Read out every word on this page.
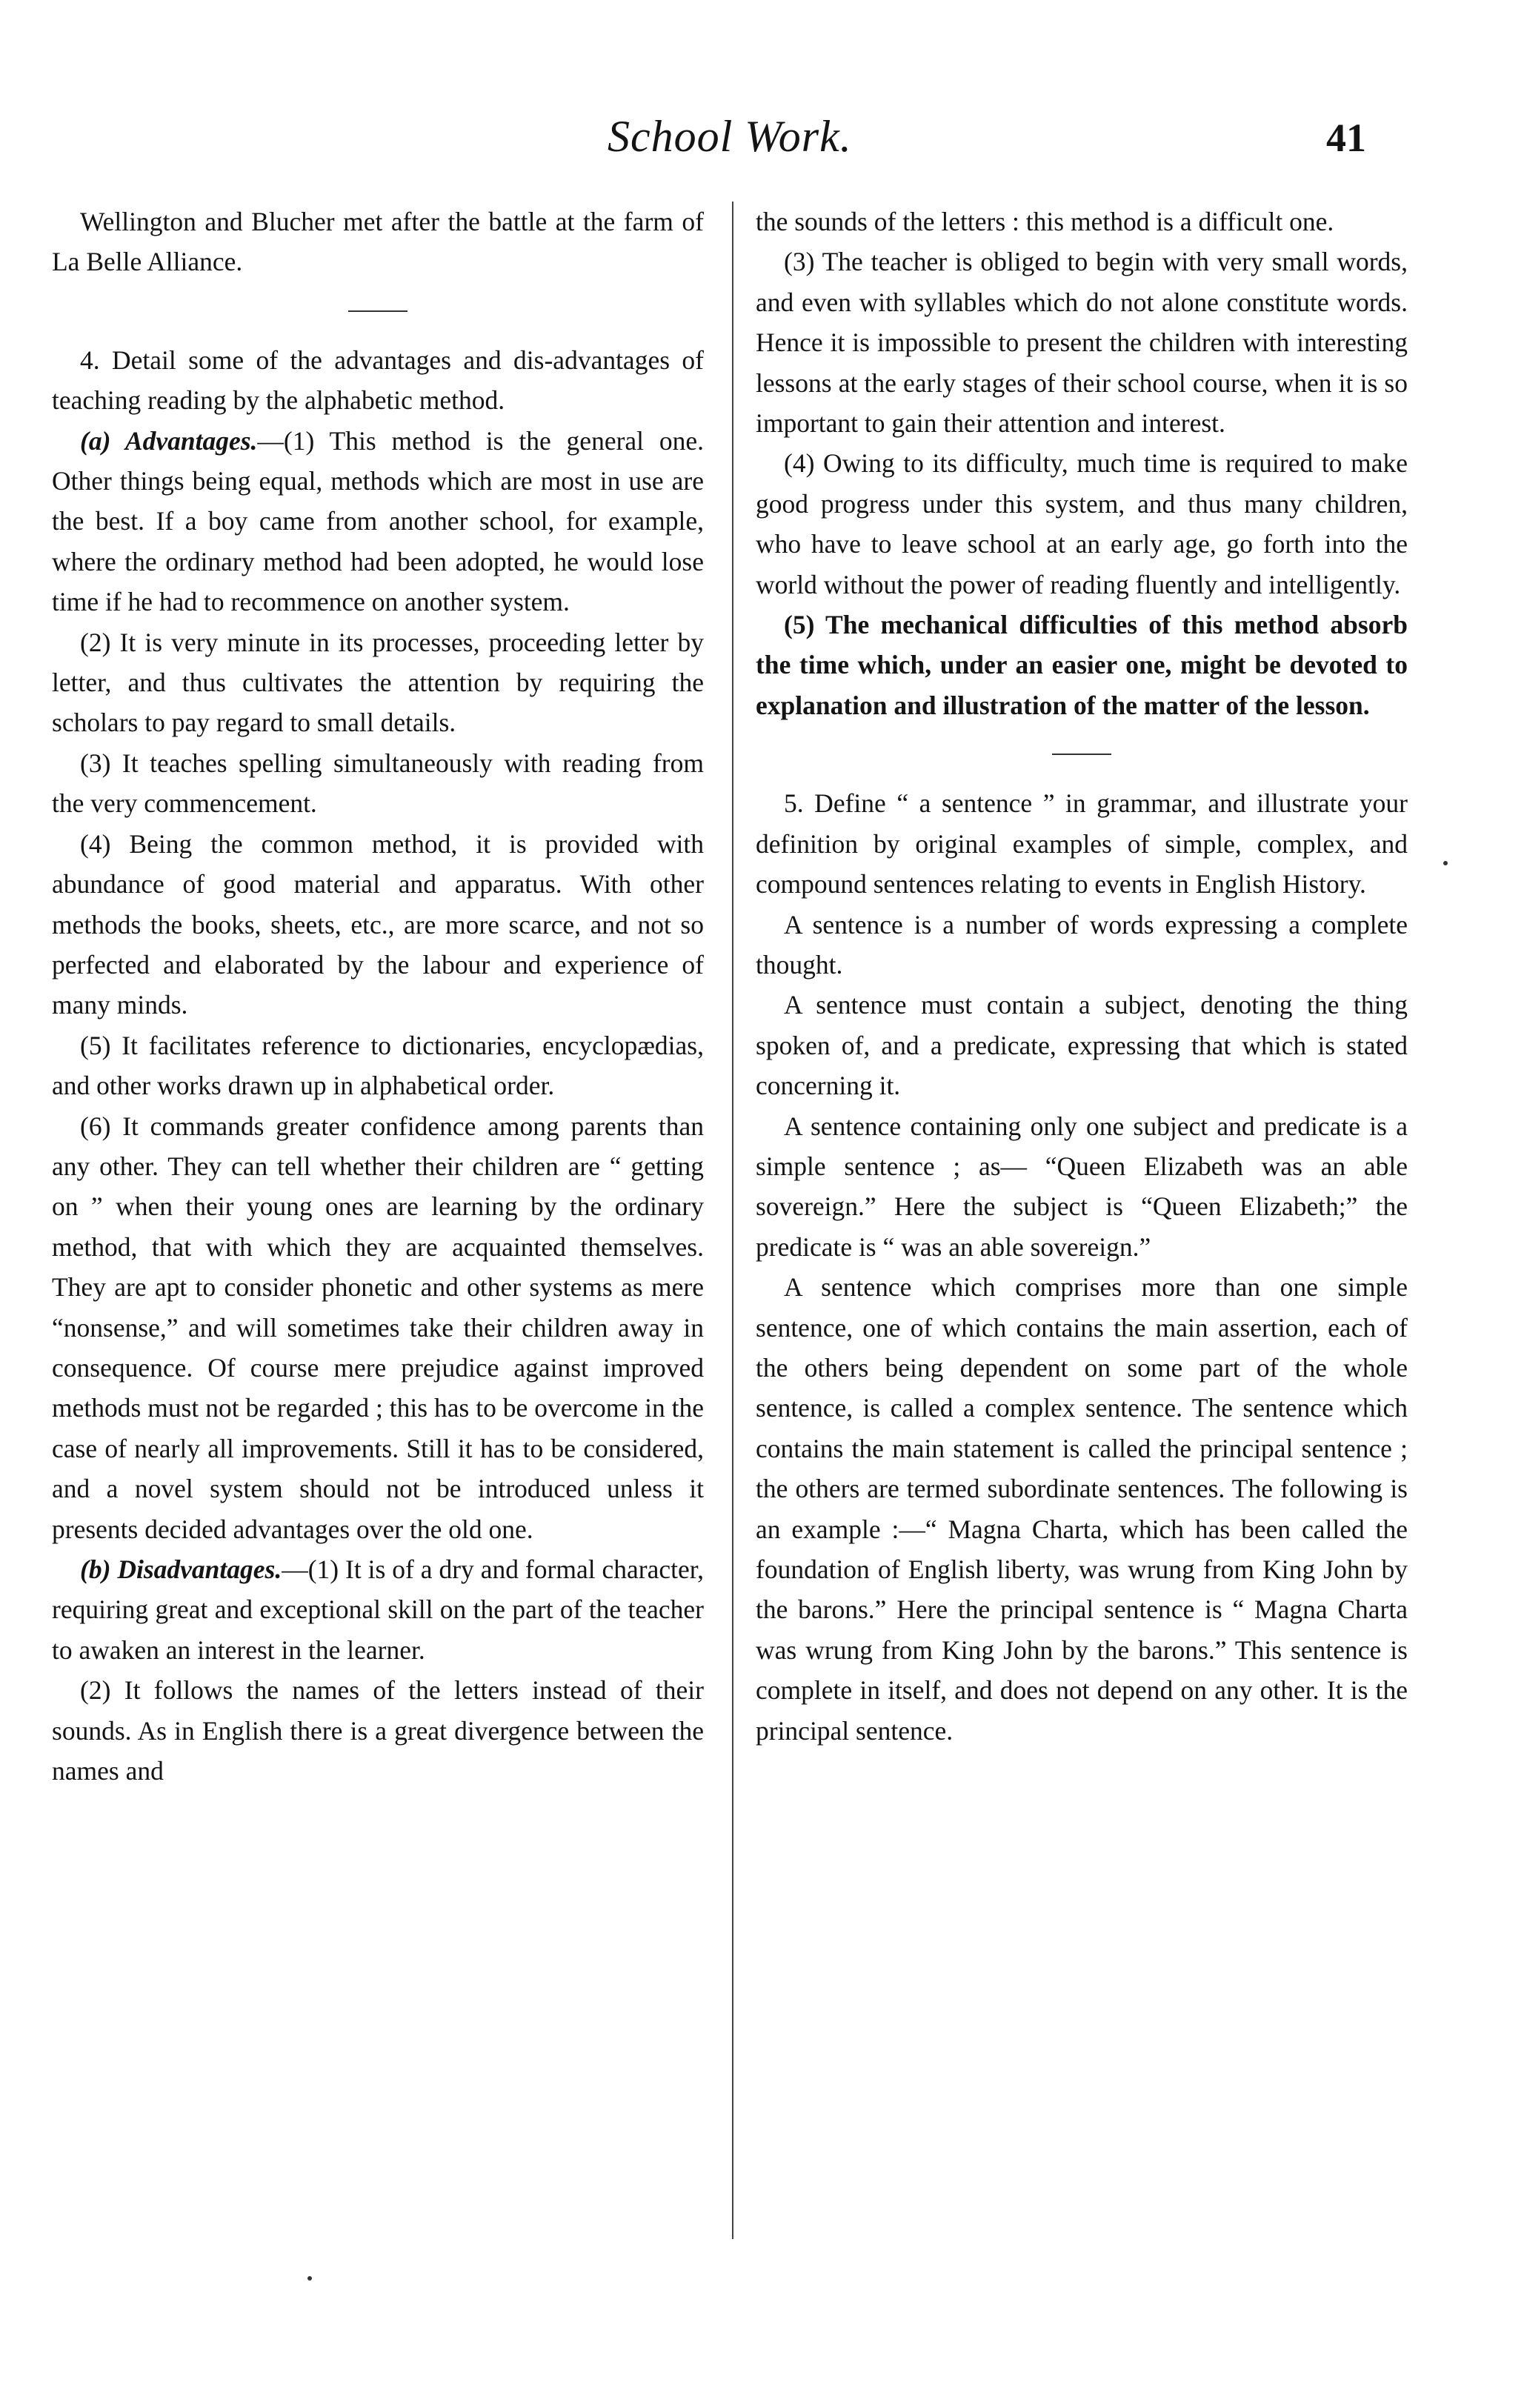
School Work.	41

Wellington and Blucher met after the battle at the farm of La Belle Alliance.

4. Detail some of the advantages and dis-advantages of teaching reading by the alphabetic method.

(a) Advantages.—(1) This method is the general one. Other things being equal, methods which are most in use are the best. If a boy came from another school, for example, where the ordinary method had been adopted, he would lose time if he had to recommence on another system.

(2) It is very minute in its processes, proceeding letter by letter, and thus cultivates the attention by requiring the scholars to pay regard to small details.

(3) It teaches spelling simultaneously with reading from the very commencement.

(4) Being the common method, it is provided with abundance of good material and apparatus. With other methods the books, sheets, etc., are more scarce, and not so perfected and elaborated by the labour and experience of many minds.

(5) It facilitates reference to dictionaries, encyclopædias, and other works drawn up in alphabetical order.

(6) It commands greater confidence among parents than any other. They can tell whether their children are “ getting on ” when their young ones are learning by the ordinary method, that with which they are acquainted themselves. They are apt to consider phonetic and other systems as mere “nonsense,” and will sometimes take their children away in consequence. Of course mere prejudice against improved methods must not be regarded ; this has to be overcome in the case of nearly all improvements. Still it has to be considered, and a novel system should not be introduced unless it presents decided advantages over the old one.

(b) Disadvantages.—(1) It is of a dry and formal character, requiring great and exceptional skill on the part of the teacher to awaken an interest in the learner.

(2) It follows the names of the letters instead of their sounds. As in English there is a great divergence between the names and

the sounds of the letters : this method is a difficult one.

(3) The teacher is obliged to begin with very small words, and even with syllables which do not alone constitute words. Hence it is impossible to present the children with interesting lessons at the early stages of their school course, when it is so important to gain their attention and interest.

(4) Owing to its difficulty, much time is required to make good progress under this system, and thus many children, who have to leave school at an early age, go forth into the world without the power of reading fluently and intelligently.

(5) The mechanical difficulties of this method absorb the time which, under an easier one, might be devoted to explanation and illustration of the matter of the lesson.

5. Define “ a sentence ” in grammar, and illustrate your definition by original examples of simple, complex, and compound sentences relating to events in English History.

A sentence is a number of words expressing a complete thought.

A sentence must contain a subject, denoting the thing spoken of, and a predicate, expressing that which is stated concerning it.

A sentence containing only one subject and predicate is a simple sentence ; as— “Queen Elizabeth was an able sovereign.” Here the subject is “Queen Elizabeth;” the predicate is “ was an able sovereign.”

A sentence which comprises more than one simple sentence, one of which contains the main assertion, each of the others being dependent on some part of the whole sentence, is called a complex sentence. The sentence which contains the main statement is called the principal sentence ; the others are termed subordinate sentences. The following is an example :—“ Magna Charta, which has been called the foundation of English liberty, was wrung from King John by the barons.” Here the principal sentence is “ Magna Charta was wrung from King John by the barons.” This sentence is complete in itself, and does not depend on any other. It is the principal sentence.
